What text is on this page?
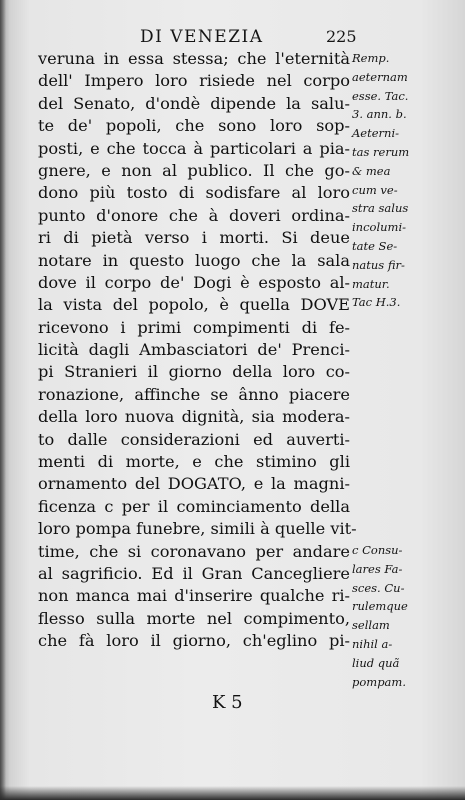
DI VENEZIA	225
veruna in essa stessa; che l'eternità
dell' Impero loro risiede nel corpo
del Senato, d'ondè dipende la salu-
te de' popoli, che sono loro sop-
posti, e che tocca à particolari a pia-
gnere, e non al publico. Il che go-
dono più tosto di sodisfare al loro
punto d'onore che à doveri ordina-
ri di pietà verso i morti. Si deue
notare in questo luogo che la sala
dove il corpo de' Dogi è esposto al-
la vista del popolo, è quella DOVE
ricevono i primi compimenti di fe-
licità dagli Ambasciatori de' Prenci-
pi Stranieri il giorno della loro co-
ronazione, affinche se ânno piacere
della loro nuova dignità, sia modera-
to dalle considerazioni ed auverti-
menti di morte, e che stimino gli
ornamento del DOGATO, e la magni-
ficenza c per il cominciamento della
loro pompa funebre, simili à quelle vit-
time, che si coronavano per andare
al sagrificio. Ed il Gran Cancegliere
non manca mai d'inserire qualche ri-
flesso sulla morte nel compimento,
che fà loro il giorno, ch'eglino pi-
Remp.
aeternam
esse. Tac.
3. ann. b.
Aeterni-
tas rerum
& mea
cum ve-
stra salus
incolumi-
tate Se-
natus fir-
matur.
Tac H.3.
c Consu-
lares Fa-
sces. Cu-
rulemque
sellam
nihil a-
liud quã
pompam.
K 5
